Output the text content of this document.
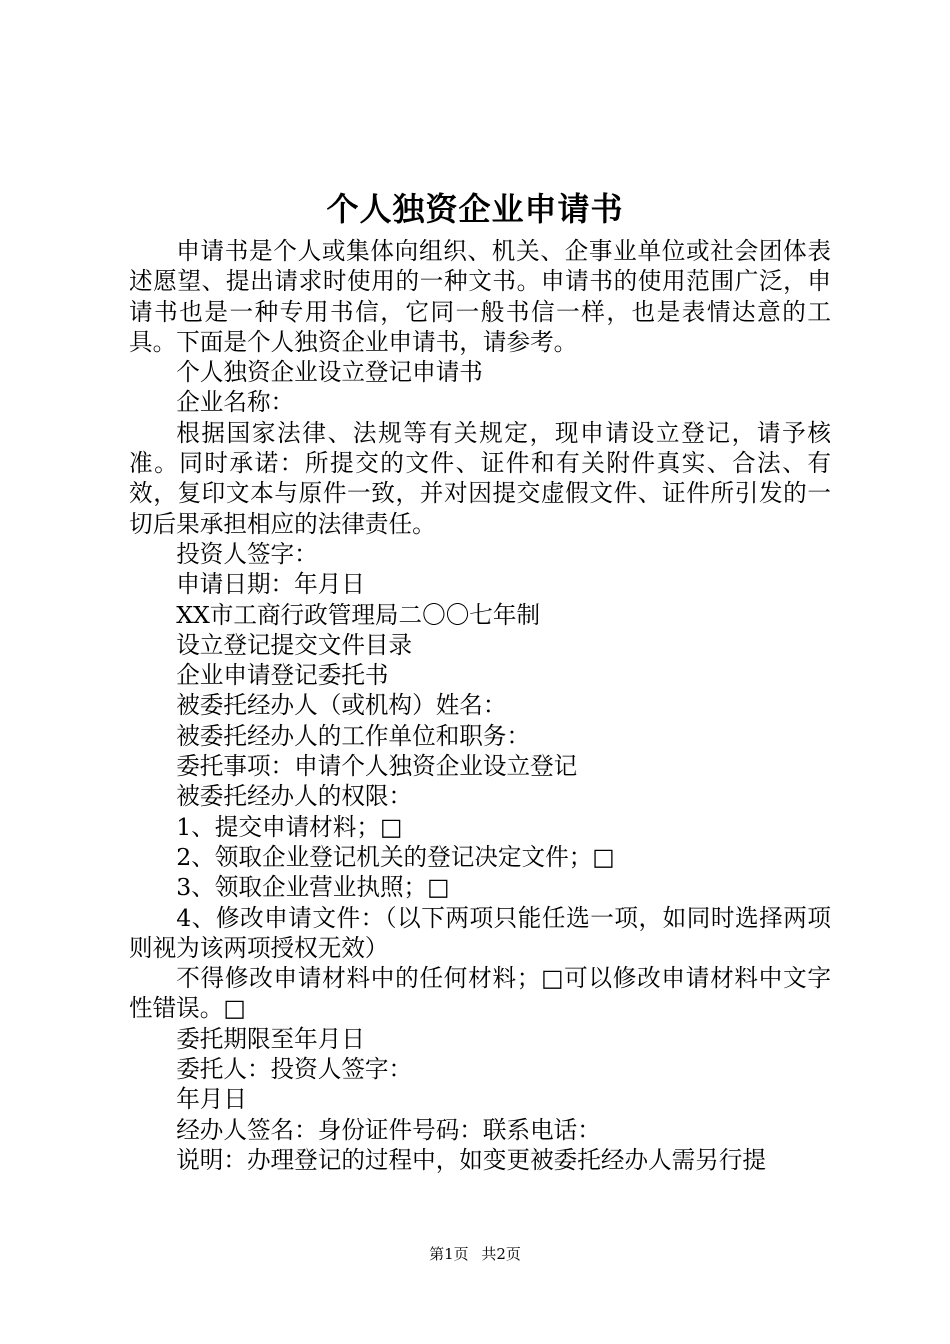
个人独资企业申请书

申请书是个人或集体向组织、机关、企事业单位或社会团体表述愿望、提出请求时使用的一种文书。申请书的使用范围广泛，申请书也是一种专用书信，它同一般书信一样，也是表情达意的工具。下面是个人独资企业申请书，请参考。

个人独资企业设立登记申请书

企业名称：

根据国家法律、法规等有关规定，现申请设立登记，请予核准。同时承诺：所提交的文件、证件和有关附件真实、合法、有效，复印文本与原件一致，并对因提交虚假文件、证件所引发的一切后果承担相应的法律责任。

投资人签字：

申请日期：年月日

XX市工商行政管理局二〇〇七年制

设立登记提交文件目录

企业申请登记委托书

被委托经办人（或机构）姓名：

被委托经办人的工作单位和职务：

委托事项：申请个人独资企业设立登记

被委托经办人的权限：

1、提交申请材料；□

2、领取企业登记机关的登记决定文件；□

3、领取企业营业执照；□

4、修改申请文件：（以下两项只能任选一项，如同时选择两项则视为该两项授权无效）

不得修改申请材料中的任何材料；□可以修改申请材料中文字性错误。□

委托期限至年月日

委托人：投资人签字：

年月日

经办人签名：身份证件号码：联系电话：

说明：办理登记的过程中，如变更被委托经办人需另行提

第1页 共2页
